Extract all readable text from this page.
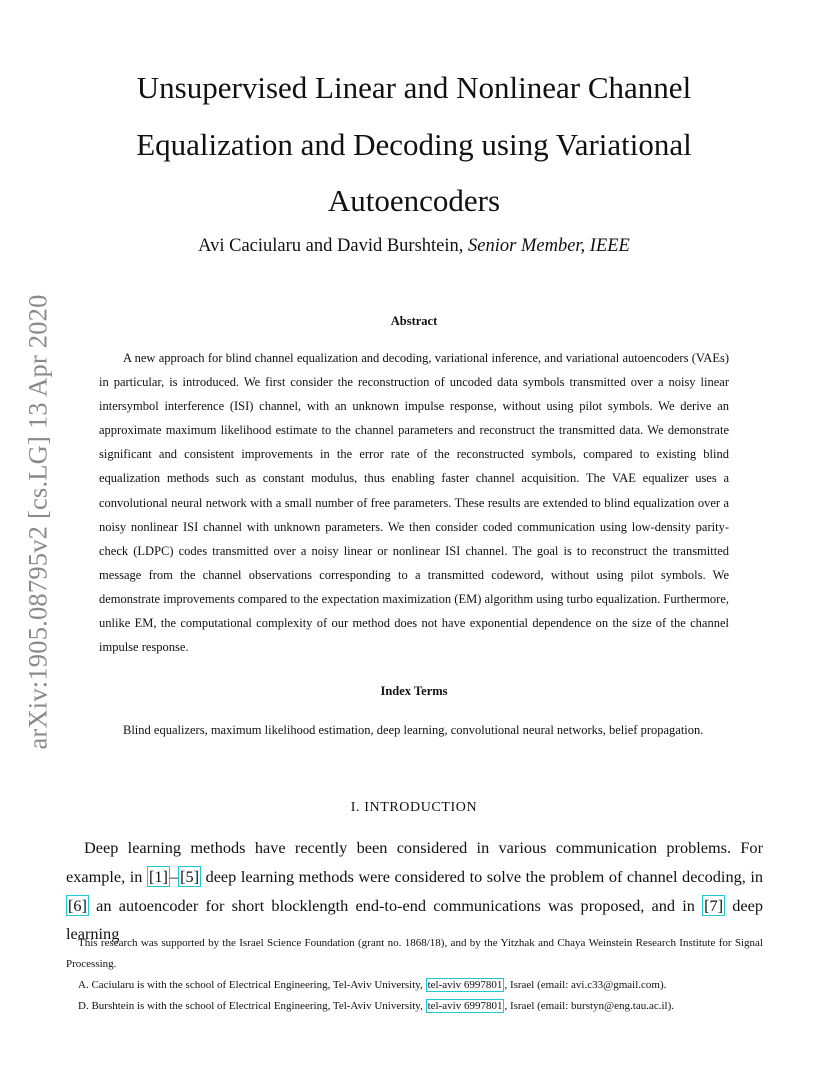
arXiv:1905.08795v2 [cs.LG] 13 Apr 2020
Unsupervised Linear and Nonlinear Channel
Equalization and Decoding using Variational
Autoencoders
Avi Caciularu and David Burshtein, Senior Member, IEEE
Abstract

A new approach for blind channel equalization and decoding, variational inference, and variational autoencoders (VAEs) in particular, is introduced. We first consider the reconstruction of uncoded data symbols transmitted over a noisy linear intersymbol interference (ISI) channel, with an unknown impulse response, without using pilot symbols. We derive an approximate maximum likelihood estimate to the channel parameters and reconstruct the transmitted data. We demonstrate significant and consistent improvements in the error rate of the reconstructed symbols, compared to existing blind equalization methods such as constant modulus, thus enabling faster channel acquisition. The VAE equalizer uses a convolutional neural network with a small number of free parameters. These results are extended to blind equalization over a noisy nonlinear ISI channel with unknown parameters. We then consider coded communication using low-density parity-check (LDPC) codes transmitted over a noisy linear or nonlinear ISI channel. The goal is to reconstruct the transmitted message from the channel observations corresponding to a transmitted codeword, without using pilot symbols. We demonstrate improvements compared to the expectation maximization (EM) algorithm using turbo equalization. Furthermore, unlike EM, the computational complexity of our method does not have exponential dependence on the size of the channel impulse response.

Index Terms

Blind equalizers, maximum likelihood estimation, deep learning, convolutional neural networks, belief propagation.

I. INTRODUCTION

Deep learning methods have recently been considered in various communication problems. For example, in [1] – [5] deep learning methods were considered to solve the problem of channel decoding, in [6] an autoencoder for short blocklength end-to-end communications was proposed, and in [7] deep learning

This research was supported by the Israel Science Foundation (grant no. 1868/18), and by the Yitzhak and Chaya Weinstein Research Institute for Signal Processing.

A. Caciularu is with the school of Electrical Engineering, Tel-Aviv University, tel-aviv 6997801 , Israel (email: avi.c33@gmail.com).

D. Burshtein is with the school of Electrical Engineering, Tel-Aviv University, tel-aviv 6997801 , Israel (email: burstyn@eng.tau.ac.il).
